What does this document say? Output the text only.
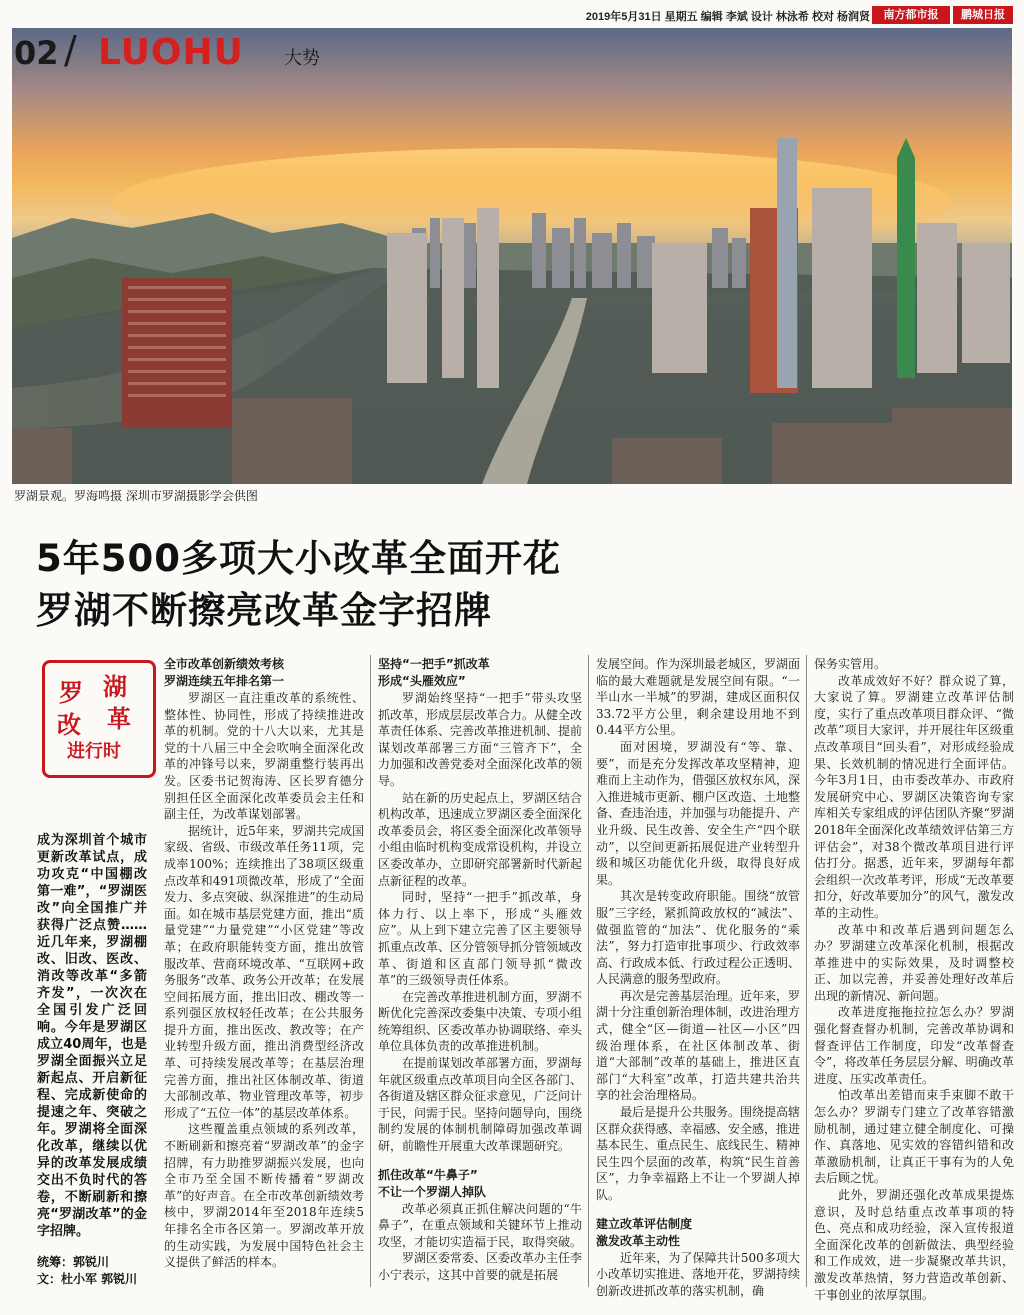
2019年5月31日 星期五 编辑 李斌 设计 林泳希 校对 杨润贤	南方都市报	鹏城日报
02 / LUOHU 大势
罗湖景观。罗海鸣摄 深圳市罗湖摄影学会供图
5年500多项大小改革全面开花
罗湖不断擦亮改革金字招牌
罗 湖
改 革
进行时

成为深圳首个城市更新改革试点，成功攻克“中国棚改第一难”，“罗湖医改”向全国推广并获得广泛点赞……近几年来，罗湖棚改、旧改、医改、消改等改革“多箭齐发”，一次次在全国引发广泛回响。今年是罗湖区成立40周年，也是罗湖全面振兴立足新起点、开启新征程、完成新使命的提速之年、突破之年。罗湖将全面深化改革，继续以优异的改革发展成绩交出不负时代的答卷，不断刷新和擦亮“罗湖改革”的金字招牌。

统筹：郭锐川
文：杜小军 郭锐川

全市改革创新绩效考核

罗湖连续五年排名第一

罗湖区一直注重改革的系统性、整体性、协同性，形成了持续推进改革的机制。党的十八大以来，尤其是党的十八届三中全会吹响全面深化改革的冲锋号以来，罗湖重整行装再出发。区委书记贺海涛、区长罗育德分别担任区全面深化改革委员会主任和副主任，为改革谋划部署。

据统计，近5年来，罗湖共完成国家级、省级、市级改革任务11项，完成率100%；连续推出了38项区级重点改革和491项微改革，形成了“全面发力、多点突破、纵深推进”的生动局面。如在城市基层党建方面，推出“质量党建”“力量党建”“小区党建”等改革；在政府职能转变方面，推出放管服改革、营商环境改革、“互联网+政务服务”改革、政务公开改革；在发展空间拓展方面，推出旧改、棚改等一系列强区放权轻任改革；在公共服务提升方面，推出医改、教改等；在产业转型升级方面，推出消费型经济改革、可持续发展改革等；在基层治理完善方面，推出社区体制改革、街道大部制改革、物业管理改革等，初步形成了“五位一体”的基层改革体系。

这些覆盖重点领域的系列改革，不断刷新和擦亮着“罗湖改革”的金字招牌，有力助推罗湖振兴发展，也向全市乃至全国不断传播着“罗湖改革”的好声音。在全市改革创新绩效考核中，罗湖2014年至2018年连续5年排名全市各区第一。罗湖改革开放的生动实践，为发展中国特色社会主义提供了鲜活的样本。

坚持“一把手”抓改革

形成“头雁效应”

罗湖始终坚持“一把手”带头攻坚抓改革，形成层层改革合力。从健全改革责任体系、完善改革推进机制、提前谋划改革部署三方面“三管齐下”，全力加强和改善党委对全面深化改革的领导。

站在新的历史起点上，罗湖区结合机构改革，迅速成立罗湖区委全面深化改革委员会，将区委全面深化改革领导小组由临时机构变成常设机构，并设立区委改革办，立即研究部署新时代新起点新征程的改革。

同时，坚持“一把手”抓改革，身体力行、以上率下，形成“头雁效应”。从上到下建立完善了区主要领导抓重点改革、区分管领导抓分管领域改革、街道和区直部门领导抓“微改革”的三级领导责任体系。

在完善改革推进机制方面，罗湖不断优化完善深改委集中决策、专项小组统筹组织、区委改革办协调联络、牵头单位具体负责的改革推进机制。

在提前谋划改革部署方面，罗湖每年就区级重点改革项目向全区各部门、各街道及辖区群众征求意见，广泛问计于民，问需于民。坚持问题导向，围绕制约发展的体制机制障碍加强改革调研，前瞻性开展重大改革课题研究。

抓住改革“牛鼻子”

不让一个罗湖人掉队

改革必须真正抓住解决问题的“牛鼻子”，在重点领域和关键环节上推动攻坚，才能切实造福于民，取得突破。

罗湖区委常委、区委改革办主任李小宁表示，这其中首要的就是拓展

发展空间。作为深圳最老城区，罗湖面临的最大难题就是发展空间有限。“一半山水一半城”的罗湖，建成区面积仅33.72平方公里，剩余建设用地不到0.44平方公里。

面对困境，罗湖没有“等、靠、要”，而是充分发挥改革攻坚精神，迎难而上主动作为，借强区放权东风，深入推进城市更新、棚户区改造、土地整备、查违治违，并加强与功能提升、产业升级、民生改善、安全生产“四个联动”，以空间更新拓展促进产业转型升级和城区功能优化升级，取得良好成果。

其次是转变政府职能。围绕“放管服”三字经，紧抓简政放权的“减法”、做强监管的“加法”、优化服务的“乘法”，努力打造审批事项少、行政效率高、行政成本低、行政过程公正透明、人民满意的服务型政府。

再次是完善基层治理。近年来，罗湖十分注重创新治理体制，改进治理方式，健全“区—街道—社区—小区”四级治理体系，在社区体制改革、街道“大部制”改革的基础上，推进区直部门“大科室”改革，打造共建共治共享的社会治理格局。

最后是提升公共服务。围绕提高辖区群众获得感、幸福感、安全感，推进基本民生、重点民生、底线民生、精神民生四个层面的改革，构筑“民生首善区”，力争幸福路上不让一个罗湖人掉队。

建立改革评估制度

激发改革主动性

近年来，为了保障共计500多项大小改革切实推进、落地开花，罗湖持续创新改进抓改革的落实机制，确

保务实管用。

改革成效好不好？群众说了算，大家说了算。罗湖建立改革评估制度，实行了重点改革项目群众评、“微改革”项目大家评，并开展往年区级重点改革项目“回头看”，对形成经验成果、长效机制的情况进行全面评估。今年3月1日，由市委改革办、市政府发展研究中心、罗湖区决策咨询专家库相关专家组成的评估团队齐聚“罗湖2018年全面深化改革绩效评估第三方评估会”，对38个微改革项目进行评估打分。据悉，近年来，罗湖每年都会组织一次改革考评，形成“无改革要扣分，好改革要加分”的风气，激发改革的主动性。

改革中和改革后遇到问题怎么办？罗湖建立改革深化机制，根据改革推进中的实际效果，及时调整校正、加以完善，并妥善处理好改革后出现的新情况、新问题。

改革进度拖拖拉拉怎么办？罗湖强化督查督办机制，完善改革协调和督查评估工作制度，印发“改革督查令”，将改革任务层层分解、明确改革进度、压实改革责任。

怕改革出差错而束手束脚不敢干怎么办？罗湖专门建立了改革容错激励机制，通过建立健全制度化、可操作、真落地、见实效的容错纠错和改革激励机制，让真正干事有为的人免去后顾之忧。

此外，罗湖还强化改革成果提炼意识，及时总结重点改革事项的特色、亮点和成功经验，深入宣传报道全面深化改革的创新做法、典型经验和工作成效，进一步凝聚改革共识，激发改革热情，努力营造改革创新、干事创业的浓厚氛围。
